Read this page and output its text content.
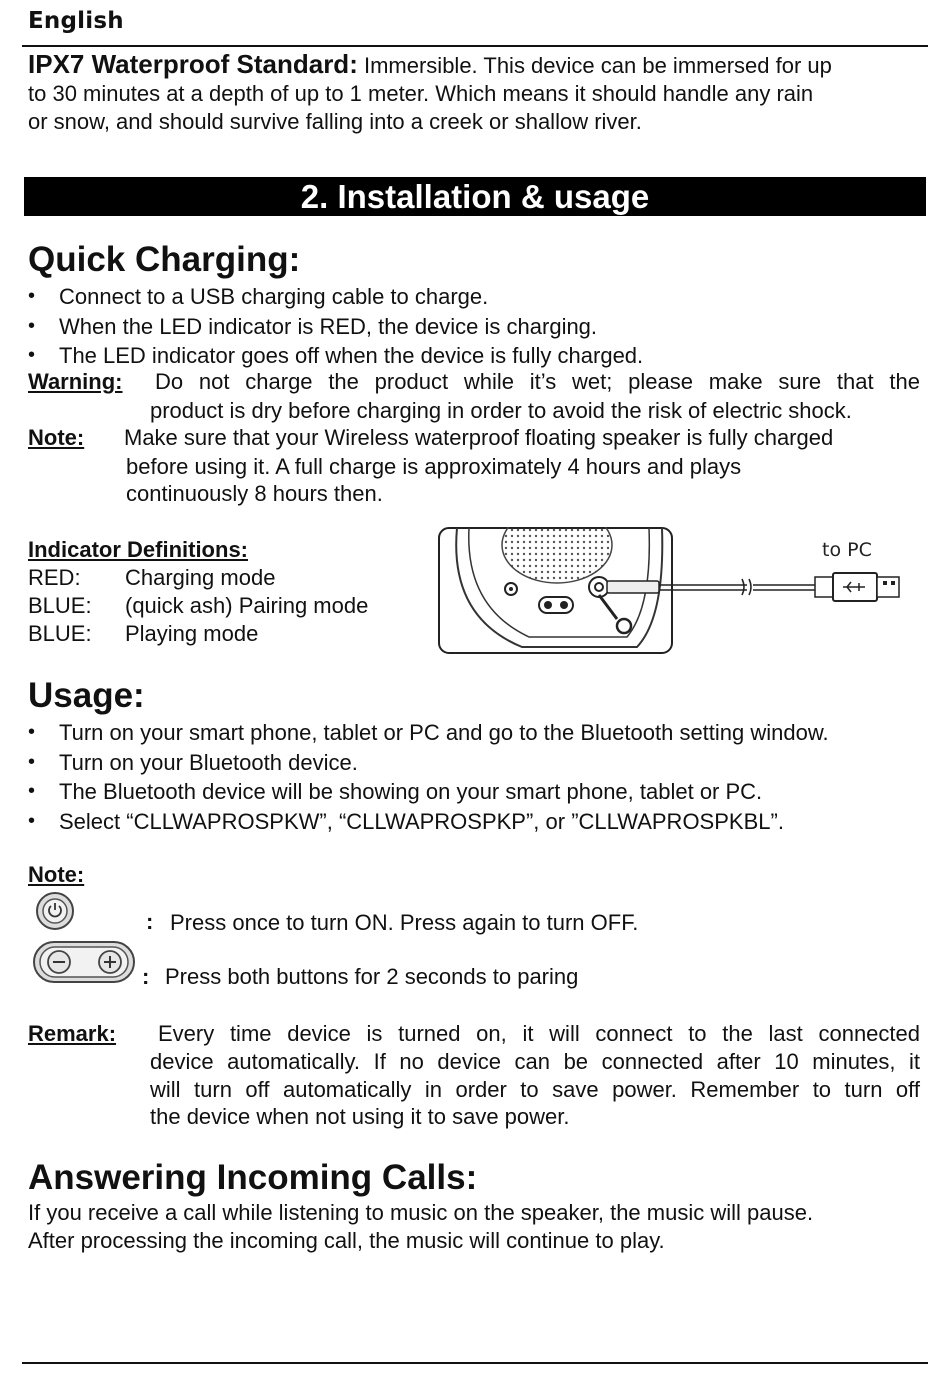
English
IPX7 Waterproof Standard: Immersible. This device can be immersed for up
to 30 minutes at a depth of up to 1 meter. Which means it should handle any rain
or snow, and should survive falling into a creek or shallow river.
2. Installation & usage
Quick Charging:
• Connect to a USB charging cable to charge.
• When the LED indicator is RED, the device is charging.
• The LED indicator goes off when the device is fully charged.
Warning: Do not charge the product while it’s wet; please make sure that the
product is dry before charging in order to avoid the risk of electric shock.
Note: Make sure that your Wireless waterproof floating speaker is fully charged
before using it. A full charge is approximately 4 hours and plays
continuously 8 hours then.
Indicator Definitions:
RED: Charging mode
BLUE: (quick ash) Pairing mode
BLUE: Playing mode
to PC
Usage:
• Turn on your smart phone, tablet or PC and go to the Bluetooth setting window.
• Turn on your Bluetooth device.
• The Bluetooth device will be showing on your smart phone, tablet or PC.
• Select “CLLWAPROSPKW”, “CLLWAPROSPKP”, or ”CLLWAPROSPKBL”.
Note:
: Press once to turn ON. Press again to turn OFF.
: Press both buttons for 2 seconds to paring
Remark: Every time device is turned on, it will connect to the last connected
device automatically. If no device can be connected after 10 minutes, it
will turn off automatically in order to save power. Remember to turn off
the device when not using it to save power.
Answering Incoming Calls:
If you receive a call while listening to music on the speaker, the music will pause.
After processing the incoming call, the music will continue to play.
